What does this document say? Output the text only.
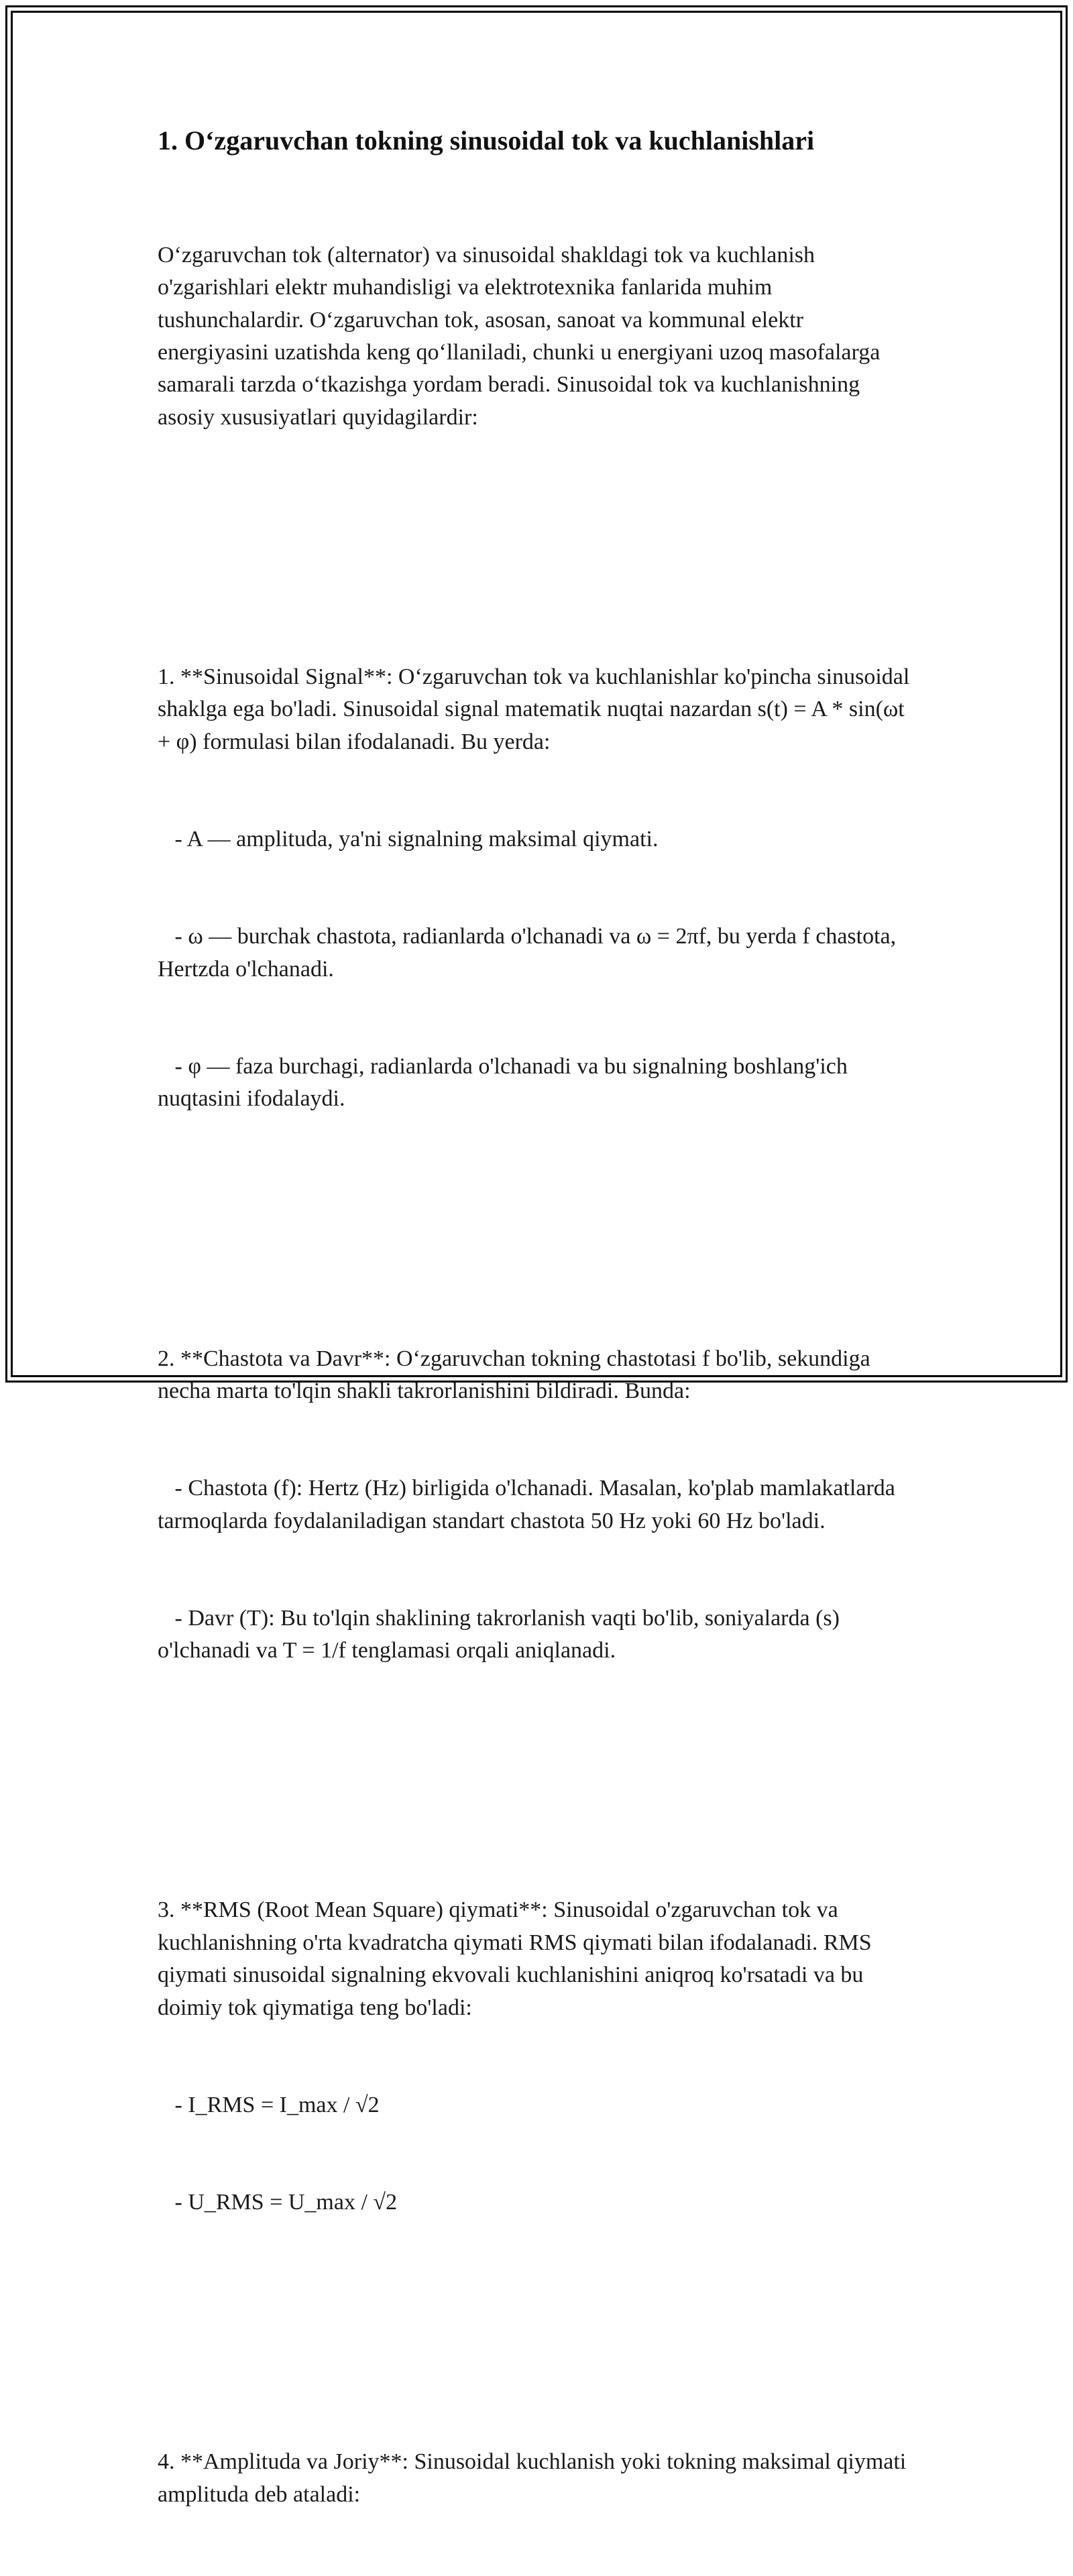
1. O‘zgaruvchan tokning sinusoidal tok va kuchlanishlari

O‘zgaruvchan tok (alternator) va sinusoidal shakldagi tok va kuchlanish o'zgarishlari elektr muhandisligi va elektrotexnika fanlarida muhim tushunchalardir. O‘zgaruvchan tok, asosan, sanoat va kommunal elektr energiyasini uzatishda keng qo‘llaniladi, chunki u energiyani uzoq masofalarga samarali tarzda o‘tkazishga yordam beradi. Sinusoidal tok va kuchlanishning asosiy xususiyatlari quyidagilardir:

1. **Sinusoidal Signal**: O‘zgaruvchan tok va kuchlanishlar ko'pincha sinusoidal shaklga ega bo'ladi. Sinusoidal signal matematik nuqtai nazardan s(t) = A * sin(ωt + φ) formulasi bilan ifodalanadi. Bu yerda:

- A — amplituda, ya'ni signalning maksimal qiymati.

- ω — burchak chastota, radianlarda o'lchanadi va ω = 2πf, bu yerda f chastota, Hertzda o'lchanadi.

- φ — faza burchagi, radianlarda o'lchanadi va bu signalning boshlang'ich nuqtasini ifodalaydi.

2. **Chastota va Davr**: O‘zgaruvchan tokning chastotasi f bo'lib, sekundiga necha marta to'lqin shakli takrorlanishini bildiradi. Bunda:

- Chastota (f): Hertz (Hz) birligida o'lchanadi. Masalan, ko'plab mamlakatlarda tarmoqlarda foydalaniladigan standart chastota 50 Hz yoki 60 Hz bo'ladi.

- Davr (T): Bu to'lqin shaklining takrorlanish vaqti bo'lib, soniyalarda (s) o'lchanadi va T = 1/f tenglamasi orqali aniqlanadi.

3. **RMS (Root Mean Square) qiymati**: Sinusoidal o'zgaruvchan tok va kuchlanishning o'rta kvadratcha qiymati RMS qiymati bilan ifodalanadi. RMS qiymati sinusoidal signalning ekvovali kuchlanishini aniqroq ko'rsatadi va bu doimiy tok qiymatiga teng bo'ladi:

- I_RMS = I_max / √2

- U_RMS = U_max / √2

4. **Amplituda va Joriy**: Sinusoidal kuchlanish yoki tokning maksimal qiymati amplituda deb ataladi:
